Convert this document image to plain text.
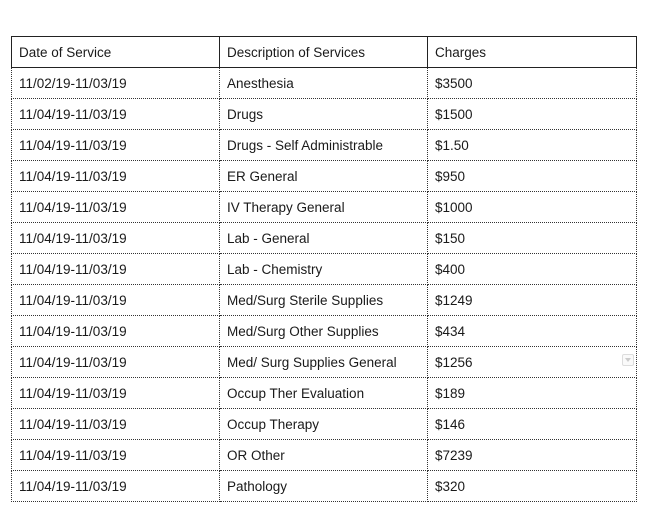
Date of Service	Description of Services	Charges
11/02/19-11/03/19	Anesthesia	$3500
11/04/19-11/03/19	Drugs	$1500
11/04/19-11/03/19	Drugs - Self Administrable	$1.50
11/04/19-11/03/19	ER General	$950
11/04/19-11/03/19	IV Therapy General	$1000
11/04/19-11/03/19	Lab - General	$150
11/04/19-11/03/19	Lab - Chemistry	$400
11/04/19-11/03/19	Med/Surg Sterile Supplies	$1249
11/04/19-11/03/19	Med/Surg Other Supplies	$434
11/04/19-11/03/19	Med/ Surg Supplies General	$1256

11/04/19-11/03/19	Occup Ther Evaluation	$189
11/04/19-11/03/19	Occup Therapy	$146
11/04/19-11/03/19	OR Other	$7239
11/04/19-11/03/19	Pathology	$320
